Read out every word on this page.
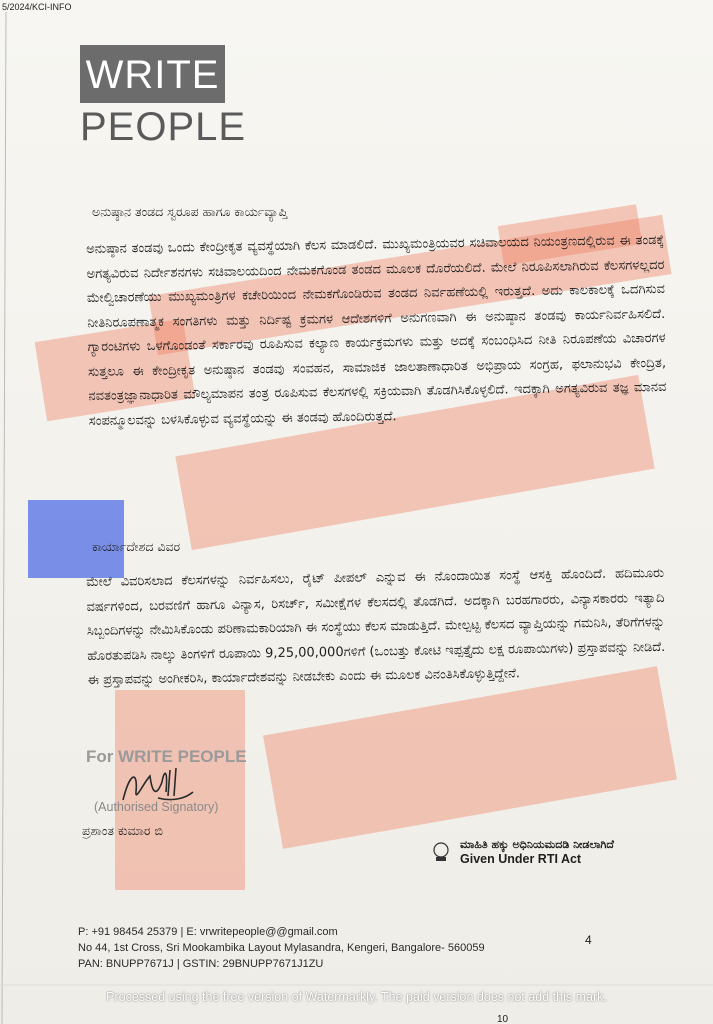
5/2024/KCI-INFO
WRITE
PEOPLE
ಅನುಷ್ಠಾನ ತಂಡದ ಸ್ವರೂಪ ಹಾಗೂ ಕಾರ್ಯವ್ಯಾಪ್ತಿ
ಅನುಷ್ಠಾನ ತಂಡವು ಒಂದು ಕೇಂದ್ರೀಕೃತ ವ್ಯವಸ್ಥೆಯಾಗಿ ಕೆಲಸ ಮಾಡಲಿದೆ. ಮುಖ್ಯಮಂತ್ರಿಯವರ ಸಚಿವಾಲಯದ ನಿಯಂತ್ರಣದಲ್ಲಿರುವ ಈ ತಂಡಕ್ಕೆ ಅಗತ್ಯವಿರುವ ನಿರ್ದೇಶನಗಳು ಸಚಿವಾಲಯದಿಂದ ನೇಮಕಗೊಂಡ ತಂಡದ ಮೂಲಕ ದೊರೆಯಲಿದೆ. ಮೇಲೆ ನಿರೂಪಿಸಲಾಗಿರುವ ಕೆಲಸಗಳಲ್ಲದರ ಮೇಲ್ವಿಚಾರಣೆಯು ಮುಖ್ಯಮಂತ್ರಿಗಳ ಕಚೇರಿಯಿಂದ ನೇಮಕಗೊಂಡಿರುವ ತಂಡದ ನಿರ್ವಹಣೆಯಲ್ಲಿ ಇರುತ್ತದೆ. ಅದು ಕಾಲಕಾಲಕ್ಕೆ ಒದಗಿಸುವ ನೀತಿನಿರೂಪಣಾತ್ಮಕ ಸಂಗತಿಗಳು ಮತ್ತು ನಿರ್ದಿಷ್ಟ ಕ್ರಮಗಳ ಆದೇಶಗಳಿಗೆ ಅನುಗಣವಾಗಿ ಈ ಅನುಷ್ಠಾನ ತಂಡವು ಕಾರ್ಯನಿರ್ವಹಿಸಲಿದೆ. ಗ್ಯಾರಂಟಿಗಳು ಒಳಗೊಂಡಂತೆ ಸರ್ಕಾರವು ರೂಪಿಸುವ ಕಲ್ಯಾಣ ಕಾರ್ಯಕ್ರಮಗಳು ಮತ್ತು ಅದಕ್ಕೆ ಸಂಬಂಧಿಸಿದ ನೀತಿ ನಿರೂಪಣೆಯ ವಿಚಾರಗಳ ಸುತ್ತಲೂ ಈ ಕೇಂದ್ರೀಕೃತ ಅನುಷ್ಠಾನ ತಂಡವು ಸಂವಹನ, ಸಾಮಾಜಿಕ ಜಾಲತಾಣಾಧಾರಿತ ಅಭಿಪ್ರಾಯ ಸಂಗ್ರಹ, ಫಲಾನುಭವಿ ಕೇಂದ್ರಿತ, ನವತಂತ್ರಜ್ಞಾನಾಧಾರಿತ ಮೌಲ್ಯಮಾಪನ ತಂತ್ರ ರೂಪಿಸುವ ಕೆಲಸಗಳಲ್ಲಿ ಸಕ್ರಿಯವಾಗಿ ತೊಡಗಿಸಿಕೊಳ್ಳಲಿದೆ. ಇದಕ್ಕಾಗಿ ಅಗತ್ಯವಿರುವ ತಜ್ಞ ಮಾನವ ಸಂಪನ್ಮೂಲವನ್ನು ಬಳಸಿಕೊಳ್ಳುವ ವ್ಯವಸ್ಥೆಯನ್ನು ಈ ತಂಡವು ಹೊಂದಿರುತ್ತದೆ.
ಕಾರ್ಯಾದೇಶದ ವಿವರ
ಮೇಲೆ ವಿವರಿಸಲಾದ ಕೆಲಸಗಳನ್ನು ನಿರ್ವಹಿಸಲು, ರೈಟ್ ಪೀಪಲ್ ಎನ್ನುವ ಈ ನೊಂದಾಯಿತ ಸಂಸ್ಥೆ ಆಸಕ್ತಿ ಹೊಂದಿದೆ. ಹದಿಮೂರು ವರ್ಷಗಳಿಂದ, ಬರವಣಿಗೆ ಹಾಗೂ ವಿನ್ಯಾಸ, ರಿಸರ್ಚ್, ಸಮೀಕ್ಷೆಗಳ ಕೆಲಸದಲ್ಲಿ ತೊಡಗಿದೆ. ಅದಕ್ಕಾಗಿ ಬರಹಗಾರರು, ವಿನ್ಯಾಸಕಾರರು ಇತ್ಯಾದಿ ಸಿಬ್ಬಂದಿಗಳನ್ನು ನೇಮಿಸಿಕೊಂಡು ಪರಿಣಾಮಕಾರಿಯಾಗಿ ಈ ಸಂಸ್ಥೆಯು ಕೆಲಸ ಮಾಡುತ್ತಿದೆ. ಮೇಲ್ಪಟ್ಟ ಕೆಲಸದ ವ್ಯಾಪ್ತಿಯನ್ನು ಗಮನಿಸಿ, ತೆರಿಗೆಗಳನ್ನು ಹೊರತುಪಡಿಸಿ ನಾಲ್ಕು ತಿಂಗಳಿಗೆ ರೂಪಾಯಿ 9,25,00,000ಗಳಿಗೆ (ಒಂಬತ್ತು ಕೋಟಿ ಇಪ್ಪತ್ತೈದು ಲಕ್ಷ ರೂಪಾಯಿಗಳು) ಪ್ರಸ್ತಾಪವನ್ನು ನೀಡಿದೆ. ಈ ಪ್ರಸ್ತಾಪವನ್ನು ಅಂಗೀಕರಿಸಿ, ಕಾರ್ಯಾದೇಶವನ್ನು ನೀಡಬೇಕು ಎಂದು ಈ ಮೂಲಕ ವಿನಂತಿಸಿಕೊಳ್ಳುತ್ತಿದ್ದೇನೆ.
For WRITE PEOPLE
(Authorised Signatory)
ಪ್ರಶಾಂತ ಕುಮಾರ ಬಿ
ಮಾಹಿತಿ ಹಕ್ಕು ಅಧಿನಿಯಮದಡಿ ನೀಡಲಾಗಿದೆ
Given Under RTI Act
P: +91 98454 25379 | E: vrwritepeople@@gmail.com
No 44, 1st Cross, Sri Mookambika Layout Mylasandra, Kengeri, Bangalore- 560059
PAN: BNUPP7671J | GSTIN: 29BNUPP7671J1ZU
4
Processed using the free version of Watermarkly. The paid version does not add this mark.
10
